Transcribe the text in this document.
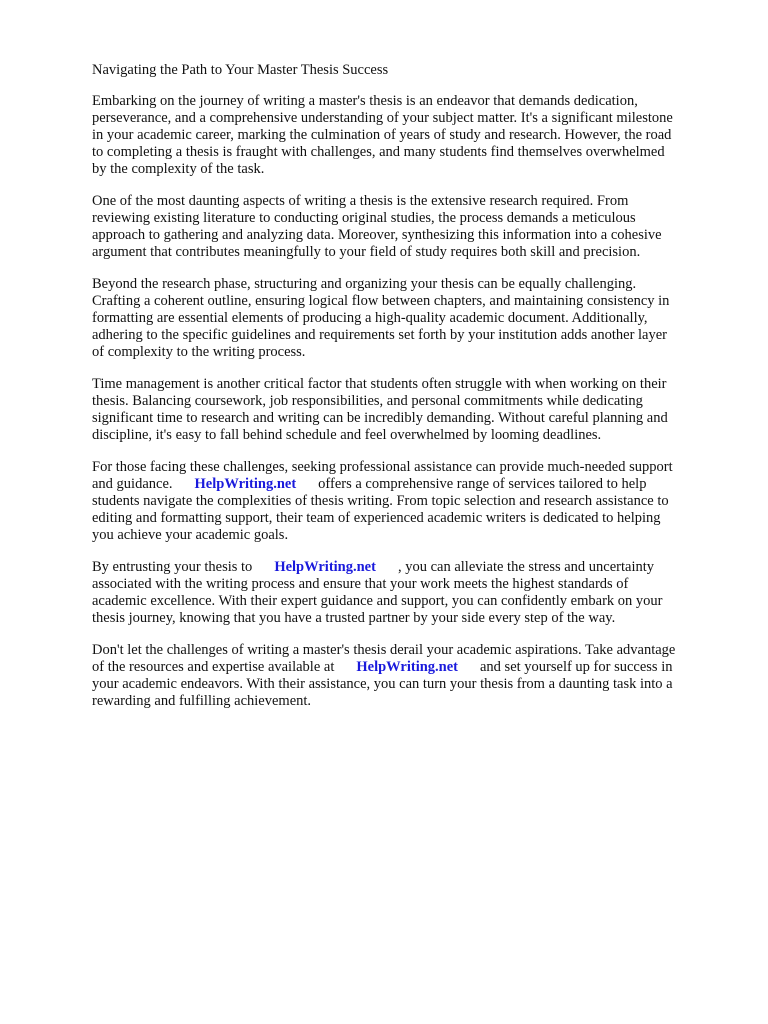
Navigating the Path to Your Master Thesis Success

Embarking on the journey of writing a master's thesis is an endeavor that demands dedication,
perseverance, and a comprehensive understanding of your subject matter. It's a significant milestone
in your academic career, marking the culmination of years of study and research. However, the road
to completing a thesis is fraught with challenges, and many students find themselves overwhelmed
by the complexity of the task.

One of the most daunting aspects of writing a thesis is the extensive research required. From
reviewing existing literature to conducting original studies, the process demands a meticulous
approach to gathering and analyzing data. Moreover, synthesizing this information into a cohesive
argument that contributes meaningfully to your field of study requires both skill and precision.

Beyond the research phase, structuring and organizing your thesis can be equally challenging.
Crafting a coherent outline, ensuring logical flow between chapters, and maintaining consistency in
formatting are essential elements of producing a high-quality academic document. Additionally,
adhering to the specific guidelines and requirements set forth by your institution adds another layer
of complexity to the writing process.

Time management is another critical factor that students often struggle with when working on their
thesis. Balancing coursework, job responsibilities, and personal commitments while dedicating
significant time to research and writing can be incredibly demanding. Without careful planning and
discipline, it's easy to fall behind schedule and feel overwhelmed by looming deadlines.

For those facing these challenges, seeking professional assistance can provide much-needed support
and guidance. HelpWriting.net offers a comprehensive range of services tailored to help
students navigate the complexities of thesis writing. From topic selection and research assistance to
editing and formatting support, their team of experienced academic writers is dedicated to helping
you achieve your academic goals.

By entrusting your thesis to HelpWriting.net , you can alleviate the stress and uncertainty
associated with the writing process and ensure that your work meets the highest standards of
academic excellence. With their expert guidance and support, you can confidently embark on your
thesis journey, knowing that you have a trusted partner by your side every step of the way.

Don't let the challenges of writing a master's thesis derail your academic aspirations. Take advantage
of the resources and expertise available at HelpWriting.net and set yourself up for success in
your academic endeavors. With their assistance, you can turn your thesis from a daunting task into a
rewarding and fulfilling achievement.
